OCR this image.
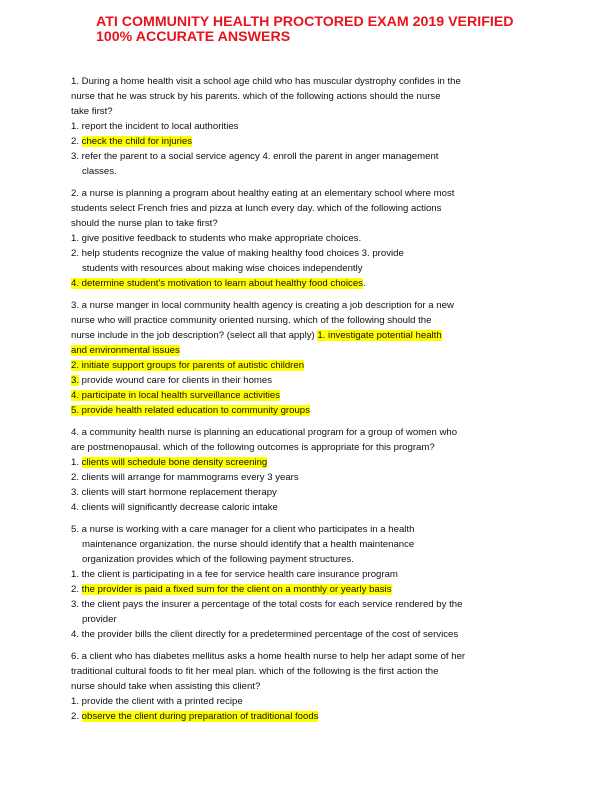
ATI COMMUNITY HEALTH PROCTORED EXAM 2019 VERIFIED
100% ACCURATE ANSWERS
1. During a home health visit a school age child who has muscular dystrophy confides in the
nurse that he was struck by his parents. which of the following actions should the nurse
take first?
1. report the incident to local authorities
2. check the child for injuries
3. refer the parent to a social service agency 4. enroll the parent in anger management
classes.
2. a nurse is planning a program about healthy eating at an elementary school where most
students select French fries and pizza at lunch every day. which of the following actions
should the nurse plan to take first?
1. give positive feedback to students who make appropriate choices.
2. help students recognize the value of making healthy food choices 3. provide
students with resources about making wise choices independently
4. determine student's motivation to learn about healthy food choices.
3. a nurse manger in local community health agency is creating a job description for a new
nurse who will practice community oriented nursing. which of the following should the
nurse include in the job description? (select all that apply) 1. investigate potential health
and environmental issues
2. initiate support groups for parents of autistic children
3. provide wound care for clients in their homes
4. participate in local health surveillance activities
5. provide health related education to community groups
4. a community health nurse is planning an educational program for a group of women who
are postmenopausal. which of the following outcomes is appropriate for this program?
1. clients will schedule bone density screening
2. clients will arrange for mammograms every 3 years
3. clients will start hormone replacement therapy
4. clients will significantly decrease caloric intake
5. a nurse is working with a care manager for a client who participates in a health
maintenance organization. the nurse should identify that a health maintenance
organization provides which of the following payment structures.
1. the client is participating in a fee for service health care insurance program
2. the provider is paid a fixed sum for the client on a monthly or yearly basis
3. the client pays the insurer a percentage of the total costs for each service rendered by the
provider
4. the provider bills the client directly for a predetermined percentage of the cost of services
6. a client who has diabetes mellitus asks a home health nurse to help her adapt some of her
traditional cultural foods to fit her meal plan. which of the following is the first action the
nurse should take when assisting this client?
1. provide the client with a printed recipe
2. observe the client during preparation of traditional foods
